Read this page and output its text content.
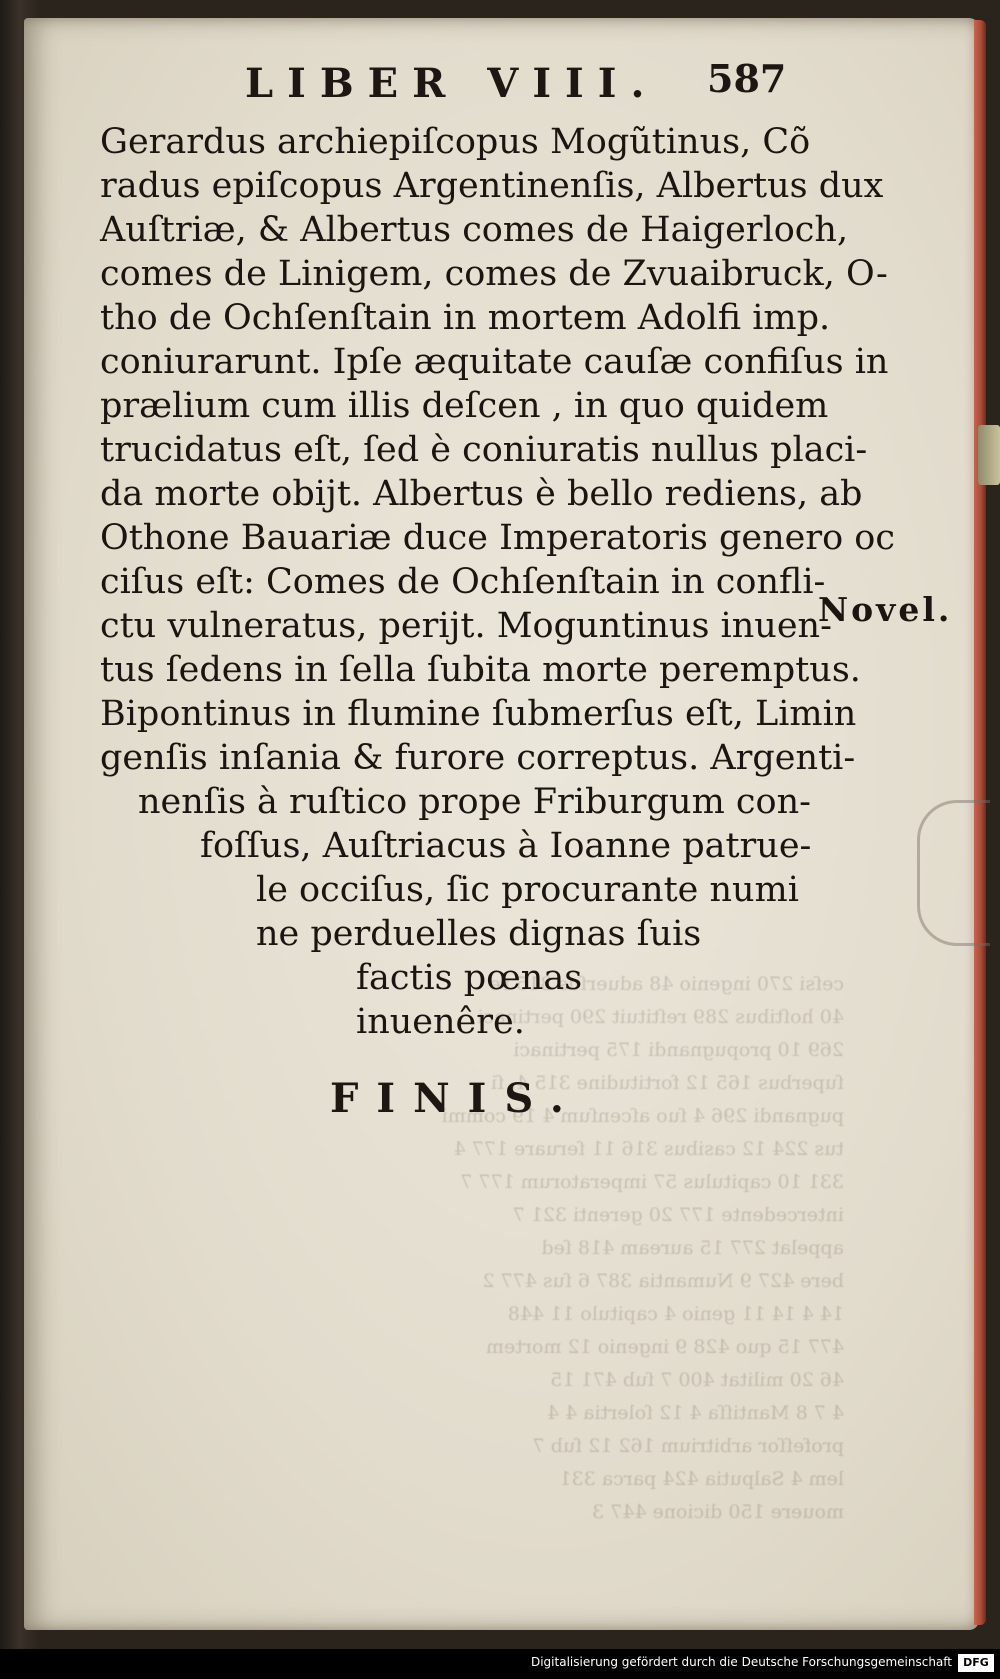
ceſsi 270 ingenio 48 aduerſus 315 re
40 hoſtibus 289 reſtituit 290 pertinaci
269 10 propugnandi 175 pertinaci
ſuperbus 165 12 fortitudine 315 4. ſi
pugnandi 296 4 ſuo aſcenſum 4 19 commi
tus 224 12 casibus 316 11 ſeruare 177 4
331 10 capitulus 57 imperatorum 177 7
intercedente 177 20 gerenti 321 7
appelat 277 15 auream 418 ſed
bere 427 9 Numantia 387 6 ſus 477 2
14 4 14 11 genio 4 capitulo 11 448
477 15 quo 428 9 ingenio 12 mortem
46 20 militat 400 7 ſub 471 15
4 7 8 Mantiſſa 4 12 ſolertia 4 4
profeſſor arbitrium 162 12 ſub 7
lem 4 Salputia 424 parca 331
mouere 150 dicione 447 3
LIBER VIII. 587
Gerardus archiepiſcopus Mogũtinus, Cõ
radus epiſcopus Argentinenſis, Albertus dux
Auſtriæ, & Albertus comes de Haigerloch,
comes de Linigem, comes de Zvuaibruck, O-
tho de Ochſenſtain in mortem Adolfi imp.
coniurarunt. Ipſe æquitate cauſæ confiſus in
prælium cum illis deſcen , in quo quidem
trucidatus eſt, ſed è coniuratis nullus placi-
da morte obijt. Albertus è bello rediens, ab
Othone Bauariæ duce Imperatoris genero oc
ciſus eſt: Comes de Ochſenſtain in confli-
ctu vulneratus, perijt. Moguntinus inuen-
tus ſedens in ſella ſubita morte peremptus.
Bipontinus in flumine ſubmerſus eſt, Limin
genſis inſania & furore correptus. Argenti-
nenſis à ruſtico prope Friburgum con-
foſſus, Auſtriacus à Ioanne patrue-
le occiſus, ſic procurante numi
ne perduelles dignas ſuis
factis pœnas
inuenêre.
Novel.
FINIS.
Digitalisierung gefördert durch die Deutsche Forschungsgemeinschaft	DFG
